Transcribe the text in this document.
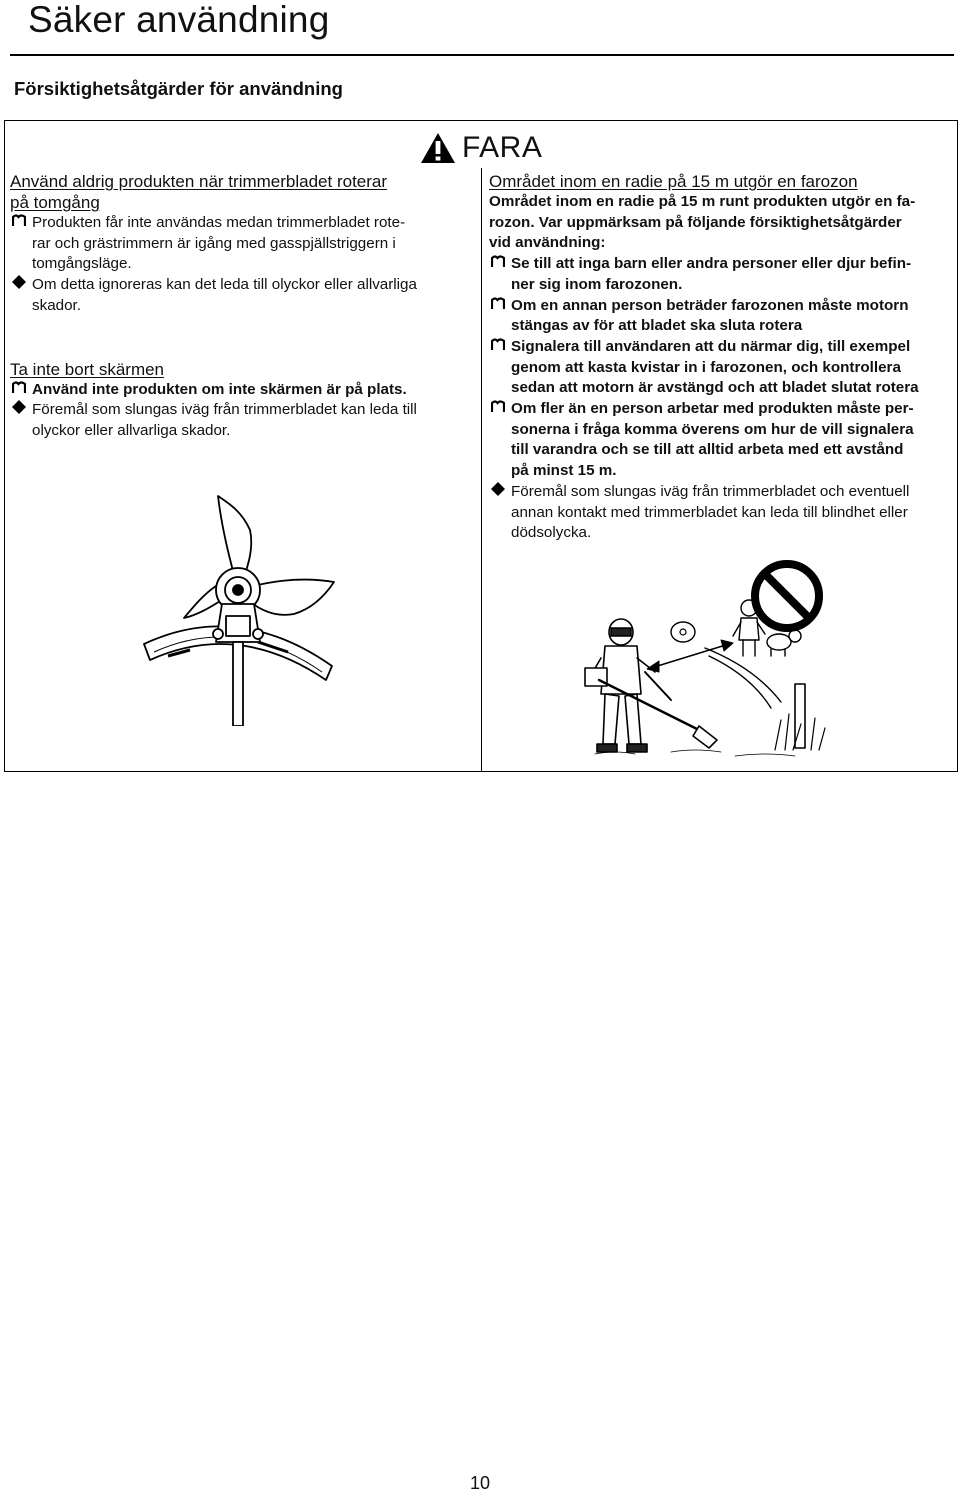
Säker användning
Försiktighetsåtgärder för användning
FARA
Använd aldrig produkten när trimmerbladet roterar
på tomgång
Produkten får inte användas medan trimmerbladet rote-
rar och grästrimmern är igång med gasspjällstriggern i
tomgångsläge.
Om detta ignoreras kan det leda till olyckor eller allvarliga
skador.
Ta inte bort skärmen
Använd inte produkten om inte skärmen är på plats.
Föremål som slungas iväg från trimmerbladet kan leda till
olyckor eller allvarliga skador.
Området inom en radie på 15 m utgör en farozon
Området inom en radie på 15 m runt produkten utgör en fa-
rozon. Var uppmärksam på följande försiktighetsåtgärder
vid användning:
Se till att inga barn eller andra personer eller djur befin-
ner sig inom farozonen.
Om en annan person beträder farozonen måste motorn
stängas av för att bladet ska sluta rotera
Signalera till användaren att du närmar dig, till exempel
genom att kasta kvistar in i farozonen, och kontrollera
sedan att motorn är avstängd och att bladet slutat rotera
Om fler än en person arbetar med produkten måste per-
sonerna i fråga komma överens om hur de vill signalera
till varandra och se till att alltid arbeta med ett avstånd
på minst 15 m.
Föremål som slungas iväg från trimmerbladet och eventuell
annan kontakt med trimmerbladet kan leda till blindhet eller
dödsolycka.
10
